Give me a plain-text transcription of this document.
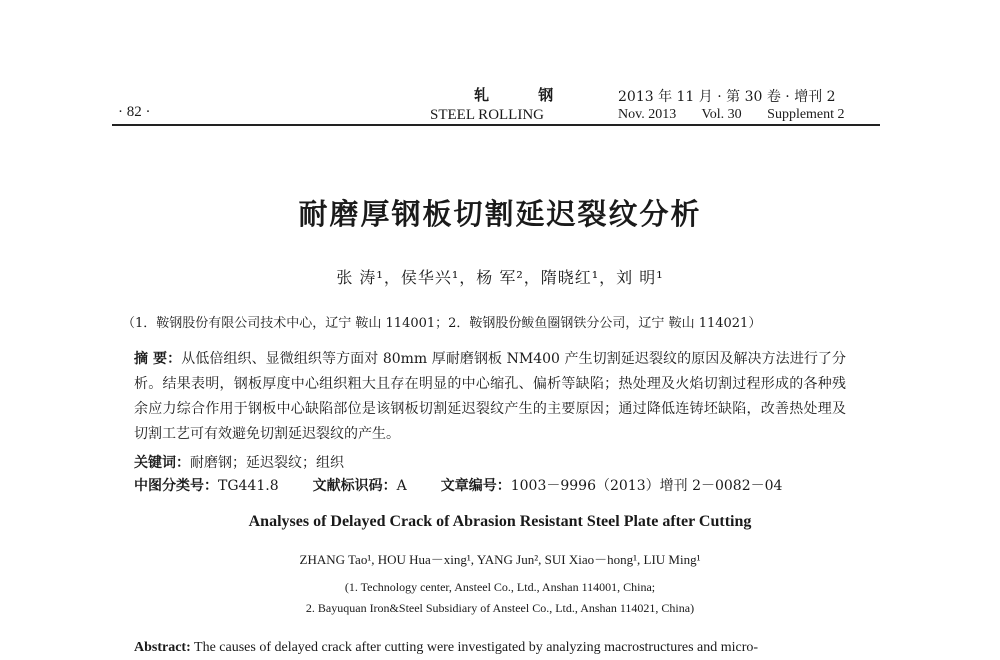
· 82 ·
轧 钢
STEEL ROLLING
2013 年 11 月 · 第 30 卷 · 增刊 2
Nov. 2013 Vol. 30 Supplement 2
耐磨厚钢板切割延迟裂纹分析
张 涛¹，侯华兴¹，杨 军²，隋晓红¹，刘 明¹
（1．鞍钢股份有限公司技术中心，辽宁 鞍山 114001；2．鞍钢股份鲅鱼圈钢铁分公司，辽宁 鞍山 114021）
摘 要：从低倍组织、显微组织等方面对 80mm 厚耐磨钢板 NM400 产生切割延迟裂纹的原因及解决方法进行了分析。结果表明，钢板厚度中心组织粗大且存在明显的中心缩孔、偏析等缺陷；热处理及火焰切割过程形成的各种残余应力综合作用于钢板中心缺陷部位是该钢板切割延迟裂纹产生的主要原因；通过降低连铸坯缺陷，改善热处理及切割工艺可有效避免切割延迟裂纹的产生。
关键词：耐磨钢；延迟裂纹；组织
中图分类号：TG441.8 文献标识码：A 文章编号：1003－9996（2013）增刊 2－0082－04
Analyses of Delayed Crack of Abrasion Resistant Steel Plate after Cutting
ZHANG Tao¹, HOU Hua－xing¹, YANG Jun², SUI Xiao－hong¹, LIU Ming¹
(1. Technology center, Ansteel Co., Ltd., Anshan 114001, China;
2. Bayuquan Iron&Steel Subsidiary of Ansteel Co., Ltd., Anshan 114021, China)
Abstract: The causes of delayed crack after cutting were investigated by analyzing macrostructures and micro-
